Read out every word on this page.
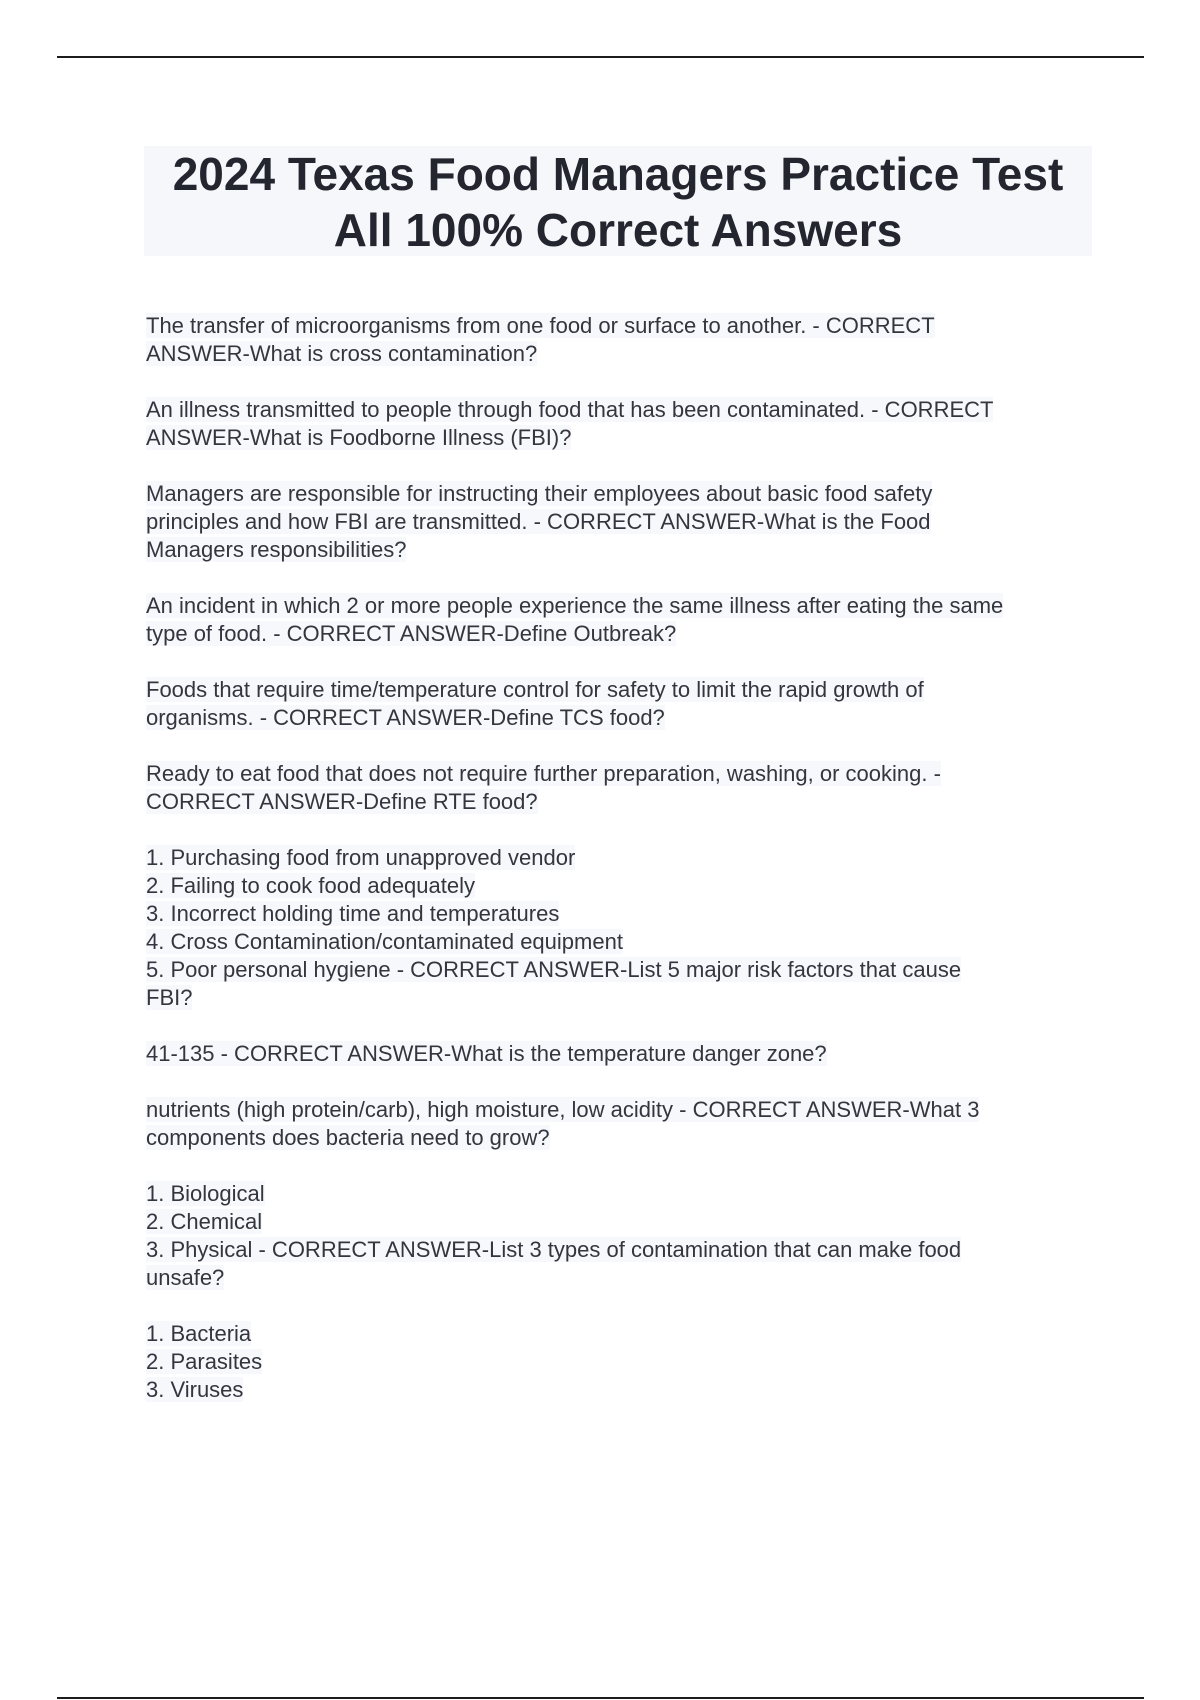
2024 Texas Food Managers Practice Test
All 100% Correct Answers
The transfer of microorganisms from one food or surface to another. - CORRECT
ANSWER-What is cross contamination?
An illness transmitted to people through food that has been contaminated. - CORRECT
ANSWER-What is Foodborne Illness (FBI)?
Managers are responsible for instructing their employees about basic food safety
principles and how FBI are transmitted. - CORRECT ANSWER-What is the Food
Managers responsibilities?
An incident in which 2 or more people experience the same illness after eating the same
type of food. - CORRECT ANSWER-Define Outbreak?
Foods that require time/temperature control for safety to limit the rapid growth of
organisms. - CORRECT ANSWER-Define TCS food?
Ready to eat food that does not require further preparation, washing, or cooking. -
CORRECT ANSWER-Define RTE food?
1. Purchasing food from unapproved vendor
2. Failing to cook food adequately
3. Incorrect holding time and temperatures
4. Cross Contamination/contaminated equipment
5. Poor personal hygiene - CORRECT ANSWER-List 5 major risk factors that cause
FBI?
41-135 - CORRECT ANSWER-What is the temperature danger zone?
nutrients (high protein/carb), high moisture, low acidity - CORRECT ANSWER-What 3
components does bacteria need to grow?
1. Biological
2. Chemical
3. Physical - CORRECT ANSWER-List 3 types of contamination that can make food
unsafe?
1. Bacteria
2. Parasites
3. Viruses
